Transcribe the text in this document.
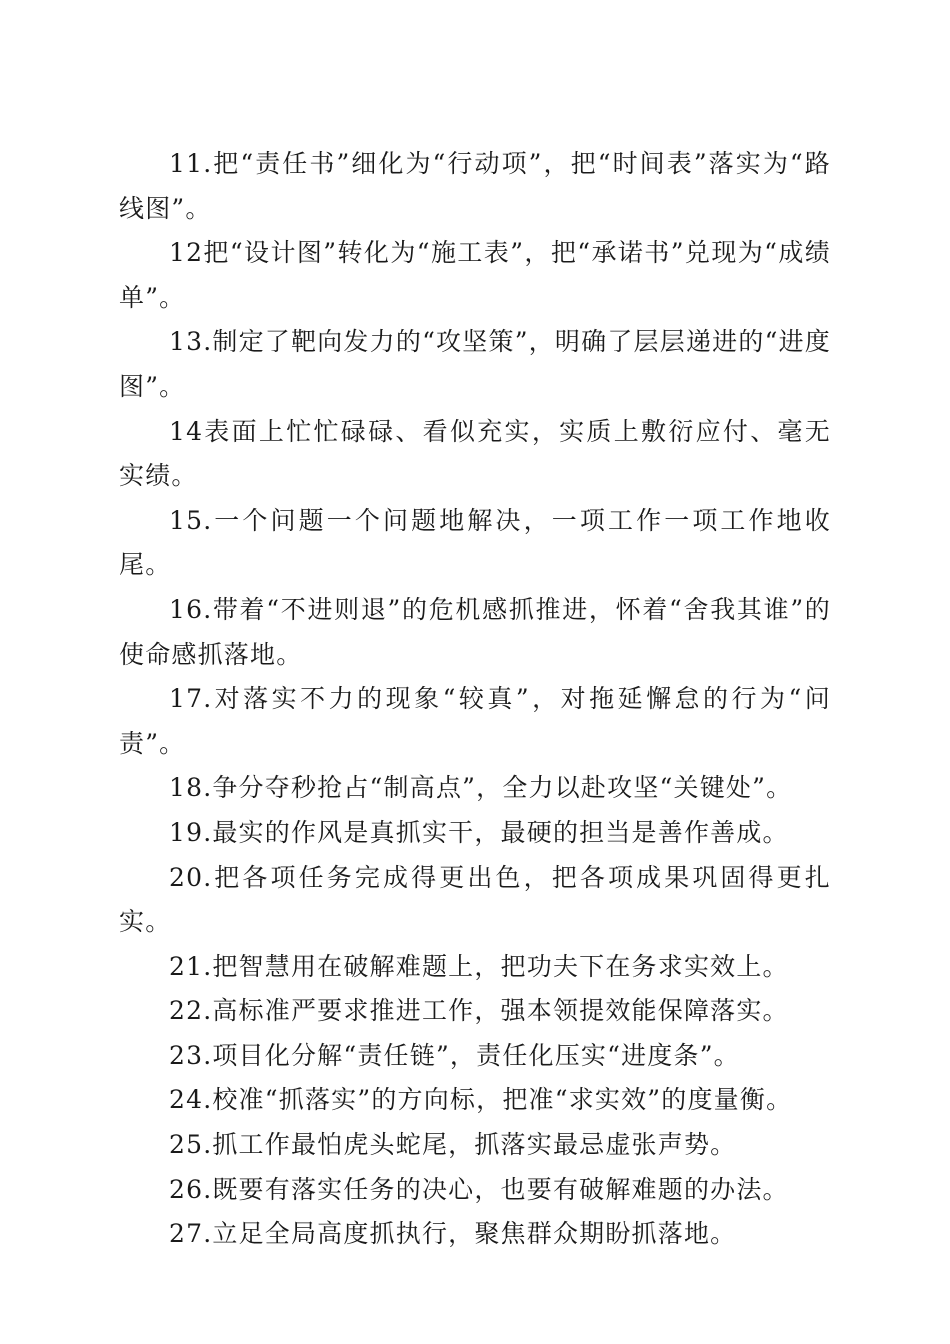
11.把“责任书”细化为“行动项”，把“时间表”落实为“路线图”。

12把“设计图”转化为“施工表”，把“承诺书”兑现为“成绩单”。

13.制定了靶向发力的“攻坚策”，明确了层层递进的“进度图”。

14表面上忙忙碌碌、看似充实，实质上敷衍应付、毫无实绩。

15.一个问题一个问题地解决，一项工作一项工作地收尾。

16.带着“不进则退”的危机感抓推进，怀着“舍我其谁”的使命感抓落地。

17.对落实不力的现象“较真”，对拖延懈怠的行为“问责”。

18.争分夺秒抢占“制高点”，全力以赴攻坚“关键处”。

19.最实的作风是真抓实干，最硬的担当是善作善成。

20.把各项任务完成得更出色，把各项成果巩固得更扎实。

21.把智慧用在破解难题上，把功夫下在务求实效上。

22.高标准严要求推进工作，强本领提效能保障落实。

23.项目化分解“责任链”，责任化压实“进度条”。

24.校准“抓落实”的方向标，把准“求实效”的度量衡。

25.抓工作最怕虎头蛇尾，抓落实最忌虚张声势。

26.既要有落实任务的决心，也要有破解难题的办法。

27.立足全局高度抓执行，聚焦群众期盼抓落地。
